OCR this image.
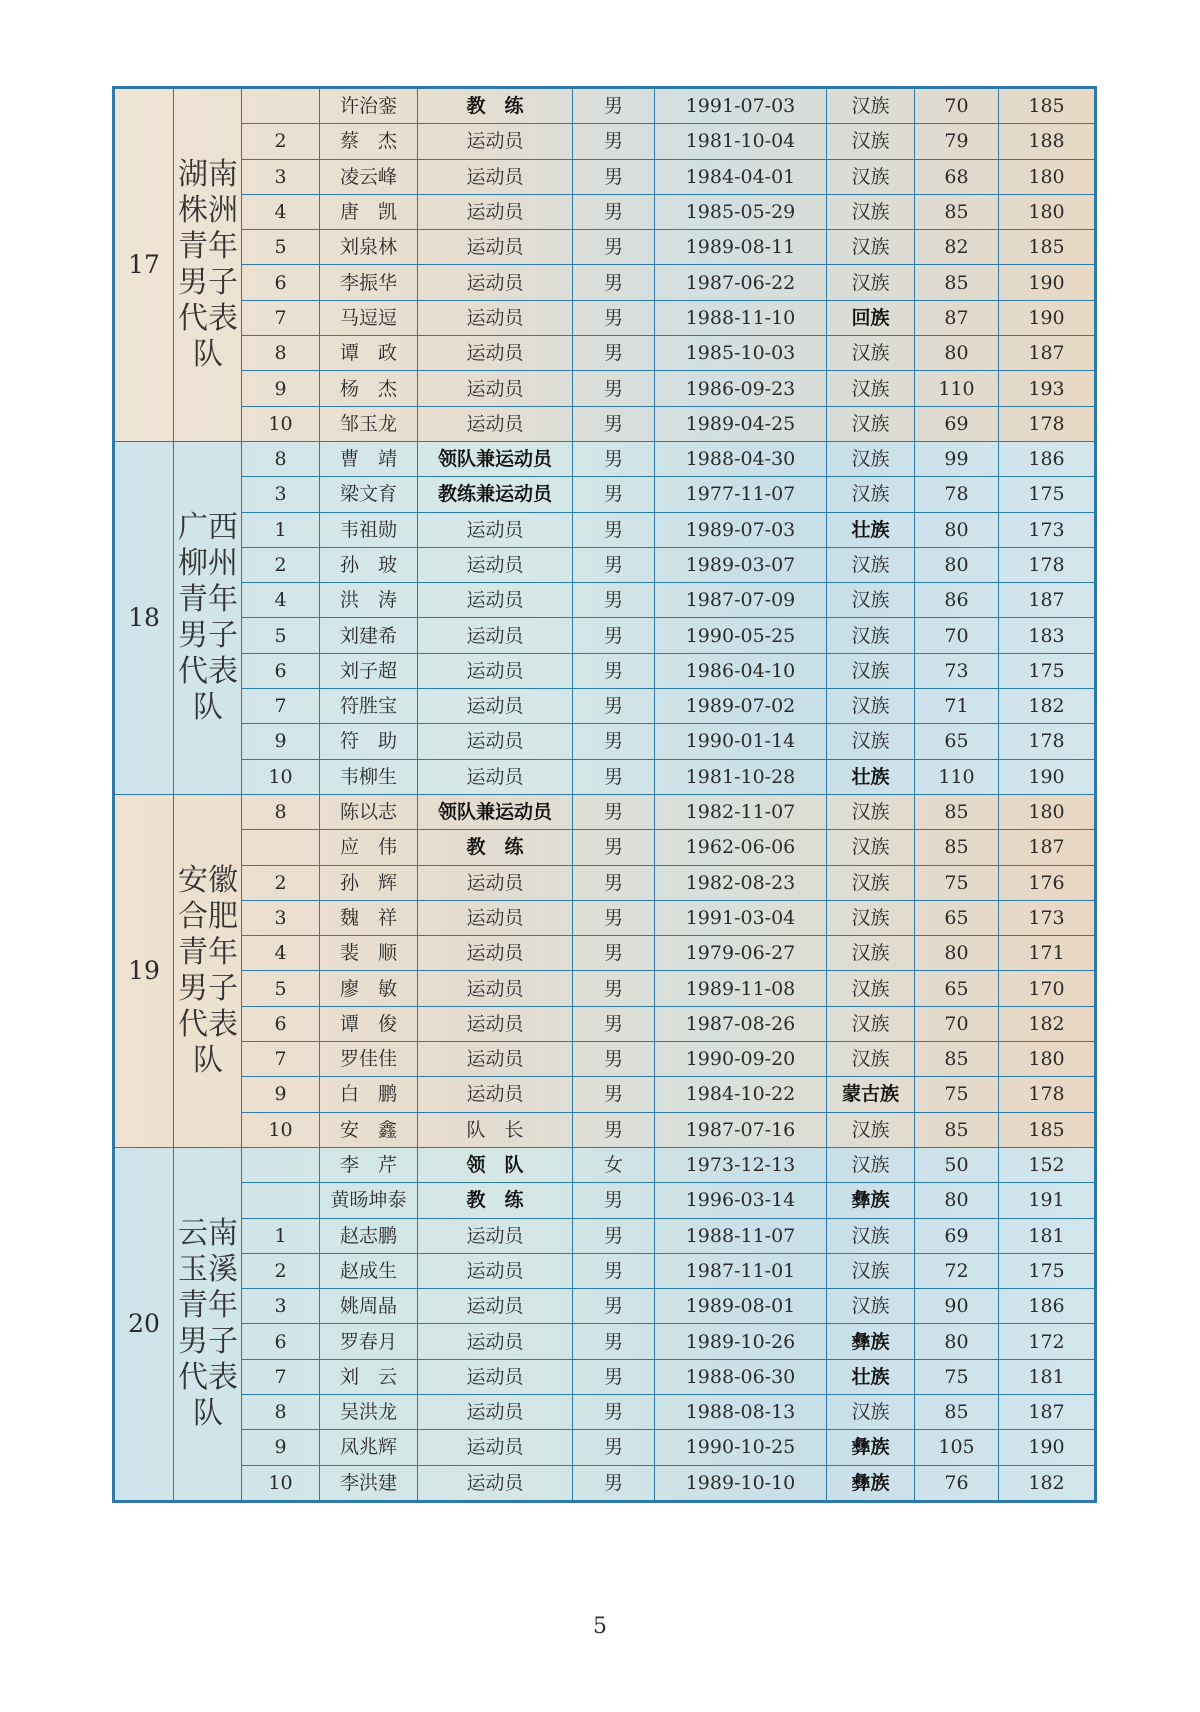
17	湖南株洲青年男子代表队		许治銮	教　练	男	1991-07-03	汉族	70	185
		2	蔡　杰	运动员	男	1981-10-04	汉族	79	188
		3	凌云峰	运动员	男	1984-04-01	汉族	68	180
		4	唐　凯	运动员	男	1985-05-29	汉族	85	180
		5	刘泉林	运动员	男	1989-08-11	汉族	82	185
		6	李振华	运动员	男	1987-06-22	汉族	85	190
		7	马逗逗	运动员	男	1988-11-10	回族	87	190
		8	谭　政	运动员	男	1985-10-03	汉族	80	187
		9	杨　杰	运动员	男	1986-09-23	汉族	110	193
		10	邹玉龙	运动员	男	1989-04-25	汉族	69	178
18	广西柳州青年男子代表队	8	曹　靖	领队兼运动员	男	1988-04-30	汉族	99	186
		3	梁文育	教练兼运动员	男	1977-11-07	汉族	78	175
		1	韦祖勋	运动员	男	1989-07-03	壮族	80	173
		2	孙　玻	运动员	男	1989-03-07	汉族	80	178
		4	洪　涛	运动员	男	1987-07-09	汉族	86	187
		5	刘建希	运动员	男	1990-05-25	汉族	70	183
		6	刘子超	运动员	男	1986-04-10	汉族	73	175
		7	符胜宝	运动员	男	1989-07-02	汉族	71	182
		9	符　助	运动员	男	1990-01-14	汉族	65	178
		10	韦柳生	运动员	男	1981-10-28	壮族	110	190
19	安徽合肥青年男子代表队	8	陈以志	领队兼运动员	男	1982-11-07	汉族	85	180
			应　伟	教　练	男	1962-06-06	汉族	85	187
		2	孙　辉	运动员	男	1982-08-23	汉族	75	176
		3	魏　祥	运动员	男	1991-03-04	汉族	65	173
		4	裴　顺	运动员	男	1979-06-27	汉族	80	171
		5	廖　敏	运动员	男	1989-11-08	汉族	65	170
		6	谭　俊	运动员	男	1987-08-26	汉族	70	182
		7	罗佳佳	运动员	男	1990-09-20	汉族	85	180
		9	白　鹏	运动员	男	1984-10-22	蒙古族	75	178
		10	安　鑫	队　长	男	1987-07-16	汉族	85	185
20	云南玉溪青年男子代表队		李　芹	领　队	女	1973-12-13	汉族	50	152
			黄旸坤泰	教　练	男	1996-03-14	彝族	80	191
		1	赵志鹏	运动员	男	1988-11-07	汉族	69	181
		2	赵成生	运动员	男	1987-11-01	汉族	72	175
		3	姚周晶	运动员	男	1989-08-01	汉族	90	186
		6	罗春月	运动员	男	1989-10-26	彝族	80	172
		7	刘　云	运动员	男	1988-06-30	壮族	75	181
		8	吴洪龙	运动员	男	1988-08-13	汉族	85	187
		9	凤兆辉	运动员	男	1990-10-25	彝族	105	190
		10	李洪建	运动员	男	1989-10-10	彝族	76	182
5
